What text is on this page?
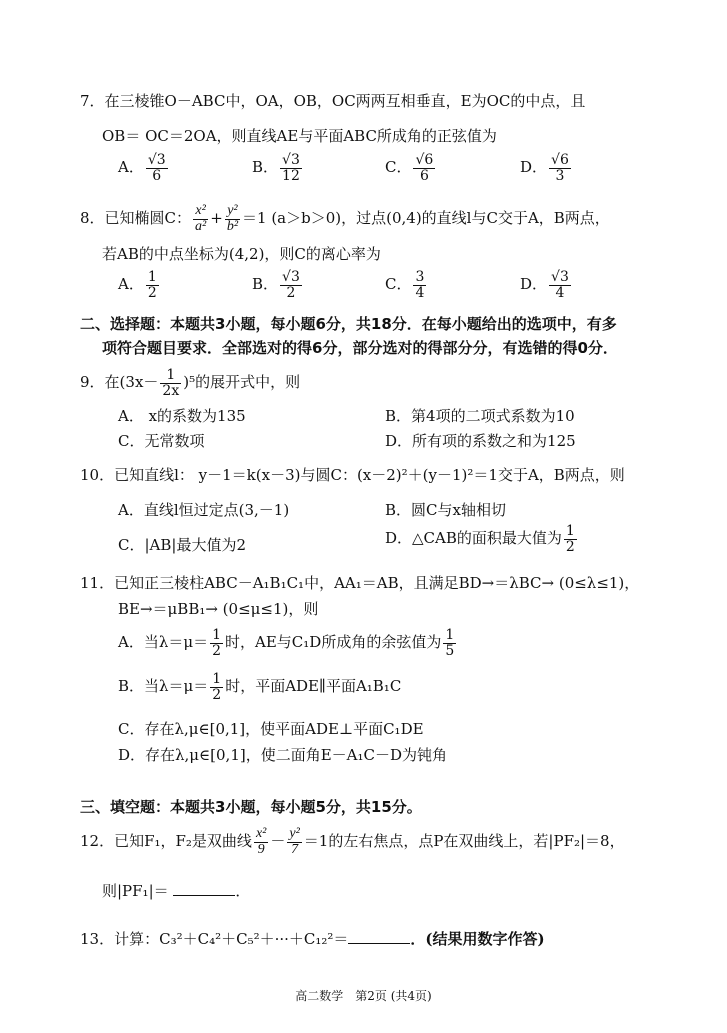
7．在三棱锥O－ABC中，OA，OB，OC两两互相垂直，E为OC的中点，且
OB＝ OC＝2OA，则直线AE与平面ABC所成角的正弦值为
A． $\frac{√3}{6}$	B． $\frac{√3}{12}$	C． $\frac{√6}{6}$	D． $\frac{√6}{3}$
8．已知椭圆C： $\frac{\text{x²}}{\text{a²}} + \frac{\text{y²}}{\text{b²}} =1$ (a＞b＞0)，过点(0,4)的直线l与C交于A，B两点，
若AB的中点坐标为(4,2)，则C的离心率为
A． $\frac{1}{2}$	B． $\frac{√3}{2}$	C． $\frac{3}{4}$	D． $\frac{√3}{4}$
二、选择题：本题共3小题，每小题6分，共18分．在每小题给出的选项中，有多
项符合题目要求．全部选对的得6分，部分选对的得部分分，有选错的得0分．
9．在$(3x- \frac{1}{2x} )^5$的展开式中，则
A． x的系数为135	B．第4项的二项式系数为10
C．无常数项	D．所有项的系数之和为125
10．已知直线l： y－1＝k(x－3)与圆C：(x－2)²＋(y－1)²＝1交于A，B两点，则
A．直线l恒过定点(3,－1)	B．圆C与x轴相切
C．|AB|最大值为2	D．△CAB的面积最大值为 $\frac{1}{2}$
11．已知正三棱柱ABC－A₁B₁C₁中，AA₁＝AB，且满足BD→＝λBC→ (0≤λ≤1)，
BE→＝μBB₁→ (0≤μ≤1)，则
A．当$\lambda=\mu= \frac{1}{2}$ 时，AE与C₁D所成角的余弦值为 $\frac{1}{5}$
B．当$\lambda=\mu= \frac{1}{2}$ 时，平面ADE∥平面A₁B₁C
C．存在λ,μ∈[0,1]，使平面ADE⊥平面C₁DE
D．存在λ,μ∈[0,1]，使二面角E－A₁C－D为钝角
三、填空题：本题共3小题，每小题5分，共15分。
12．已知F₁，F₂是双曲线 $\frac{\text{x²}}{9} - \frac{\text{y²}}{7} =1$的左右焦点，点P在双曲线上，若|PF₂|＝8，
则|PF₁|＝	．
13．计算：C₃²＋C₄²＋C₅²＋···＋C₁₂²＝	．(结果用数字作答)
高二数学　第2页 (共4页)
